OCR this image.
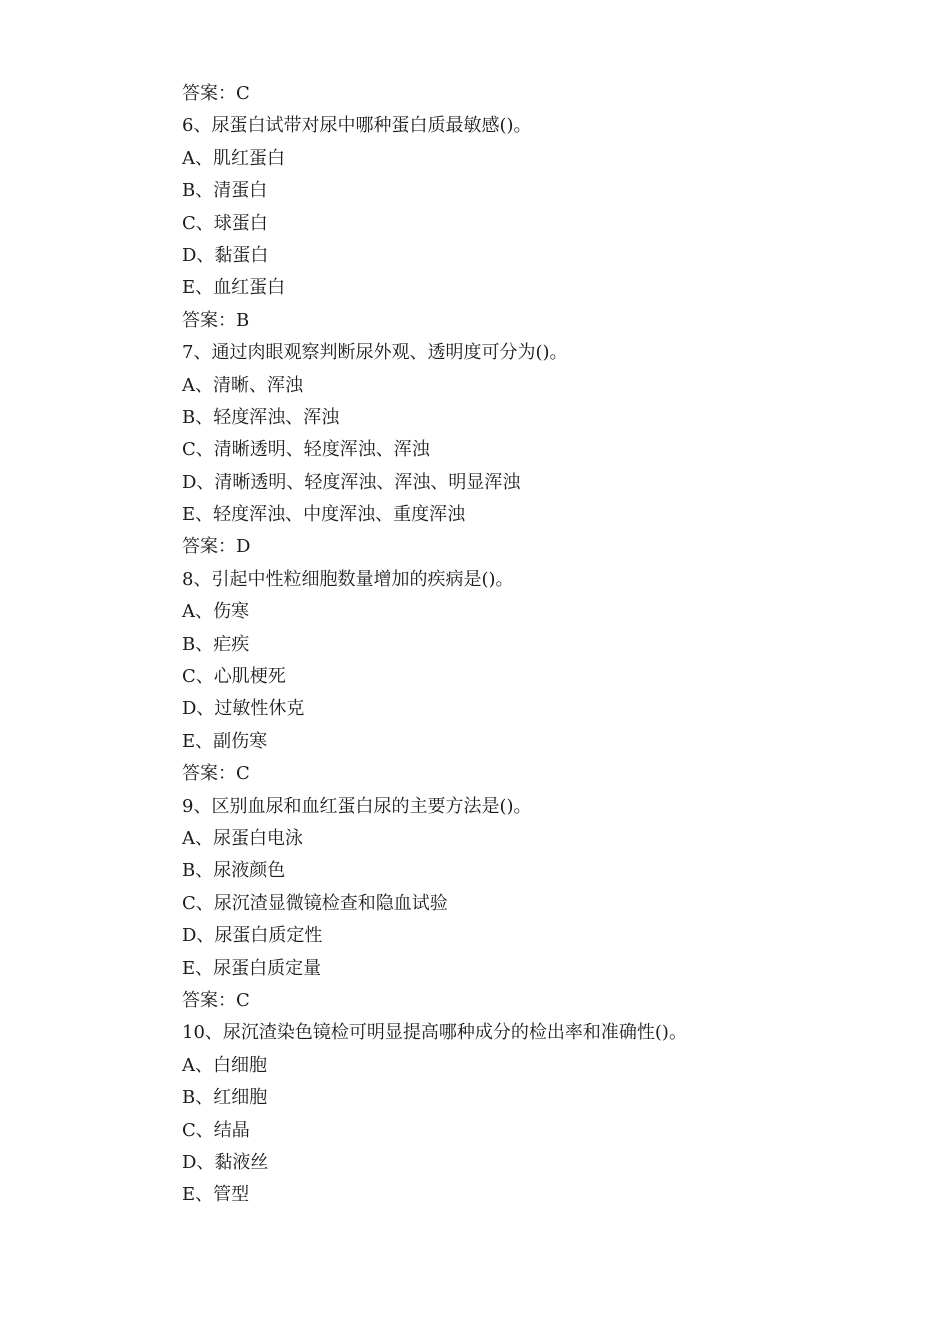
答案：C
6、尿蛋白试带对尿中哪种蛋白质最敏感()。
A、肌红蛋白
B、清蛋白
C、球蛋白
D、黏蛋白
E、血红蛋白
答案：B
7、通过肉眼观察判断尿外观、透明度可分为()。
A、清晰、浑浊
B、轻度浑浊、浑浊
C、清晰透明、轻度浑浊、浑浊
D、清晰透明、轻度浑浊、浑浊、明显浑浊
E、轻度浑浊、中度浑浊、重度浑浊
答案：D
8、引起中性粒细胞数量增加的疾病是()。
A、伤寒
B、疟疾
C、心肌梗死
D、过敏性休克
E、副伤寒
答案：C
9、区别血尿和血红蛋白尿的主要方法是()。
A、尿蛋白电泳
B、尿液颜色
C、尿沉渣显微镜检查和隐血试验
D、尿蛋白质定性
E、尿蛋白质定量
答案：C
10、尿沉渣染色镜检可明显提高哪种成分的检出率和准确性()。
A、白细胞
B、红细胞
C、结晶
D、黏液丝
E、管型
